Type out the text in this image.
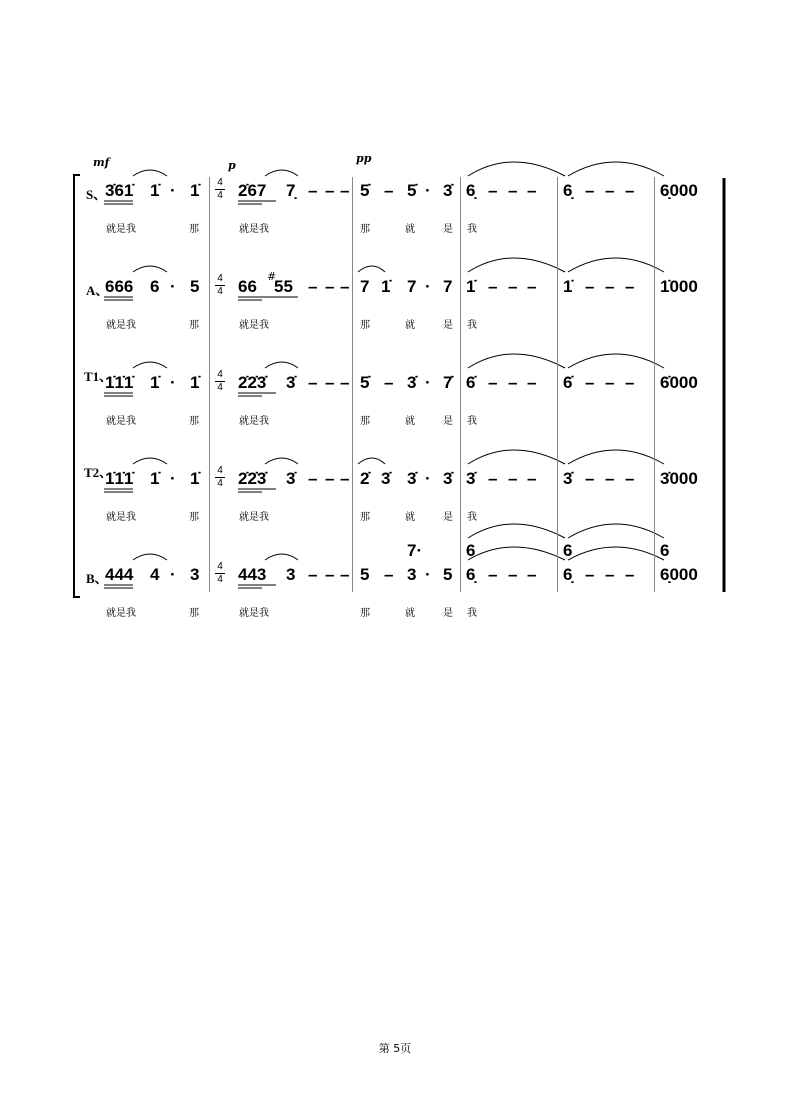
mf	p
pp
S、
3̇61̇ 1̇ · 1̇ 4
4 2̇67 7̣ – – – 5̇ – 5̇ · 3̇ 6̣ – – – 6̣ – – – 6̣000
就是我	那	就是我	那	就	是 我
A、
666 6 · 5 4
4 66
#
55 – – – 7 1̇ 7 · 7 1̇ – – – 1̇ – – – 1̇000
就是我	那	就是我	那	就	是 我
T1、
1̇1̇1̇ 1̇ · 1̇ 4
4 2̇2̇3̇ 3̇ – – – 5̇ – 3̇ · 7̇ 6̇ – – – 6̇ – – – 6̇000
就是我	那	就是我	那	就	是 我
T2、
1̇1̇1̇ 1̇ · 1̇ 4
4 2̇2̇3̇ 3̇ – – – 2̇ 3̇ 3̇ · 3̇ 3̇ – – – 3̇ – – – 3̇000
就是我	那	就是我	那	就	是 我
B、
444 4 · 3 4
4 443 3 – – – 5 – 3 · 5
7·	6	6	6
6̣ – – – 6̣ – – – 6̣000
就是我	那	就是我	那	就	是 我
第 5页
